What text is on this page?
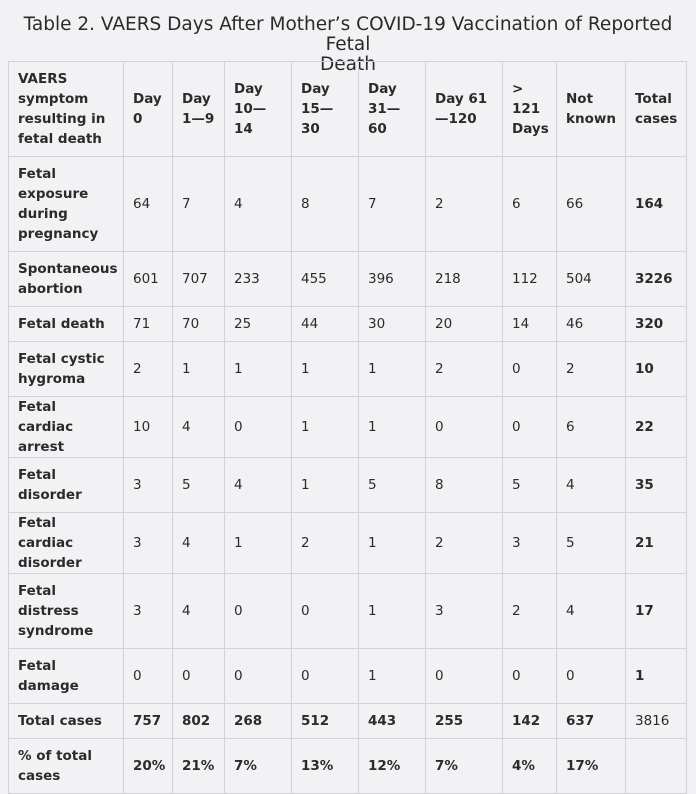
Table 2. VAERS Days After Mother’s COVID-19 Vaccination of Reported Fetal
Death
VAERS symptom resulting in fetal death	Day 0	Day 1—9	Day 10—14	Day 15—30	Day 31—60	Day 61—120	> 121 Days	Not known	Total cases
Fetal exposure during pregnancy	64	7	4	8	7	2	6	66	164
Spontaneous abortion	601	707	233	455	396	218	112	504	3226
Fetal death	71	70	25	44	30	20	14	46	320
Fetal cystic hygroma	2	1	1	1	1	2	0	2	10
Fetal cardiac arrest	10	4	0	1	1	0	0	6	22
Fetal disorder	3	5	4	1	5	8	5	4	35
Fetal cardiac disorder	3	4	1	2	1	2	3	5	21
Fetal distress syndrome	3	4	0	0	1	3	2	4	17
Fetal damage	0	0	0	0	1	0	0	0	1
Total cases	757	802	268	512	443	255	142	637	3816
% of total cases	20%	21%	7%	13%	12%	7%	4%	17%	
